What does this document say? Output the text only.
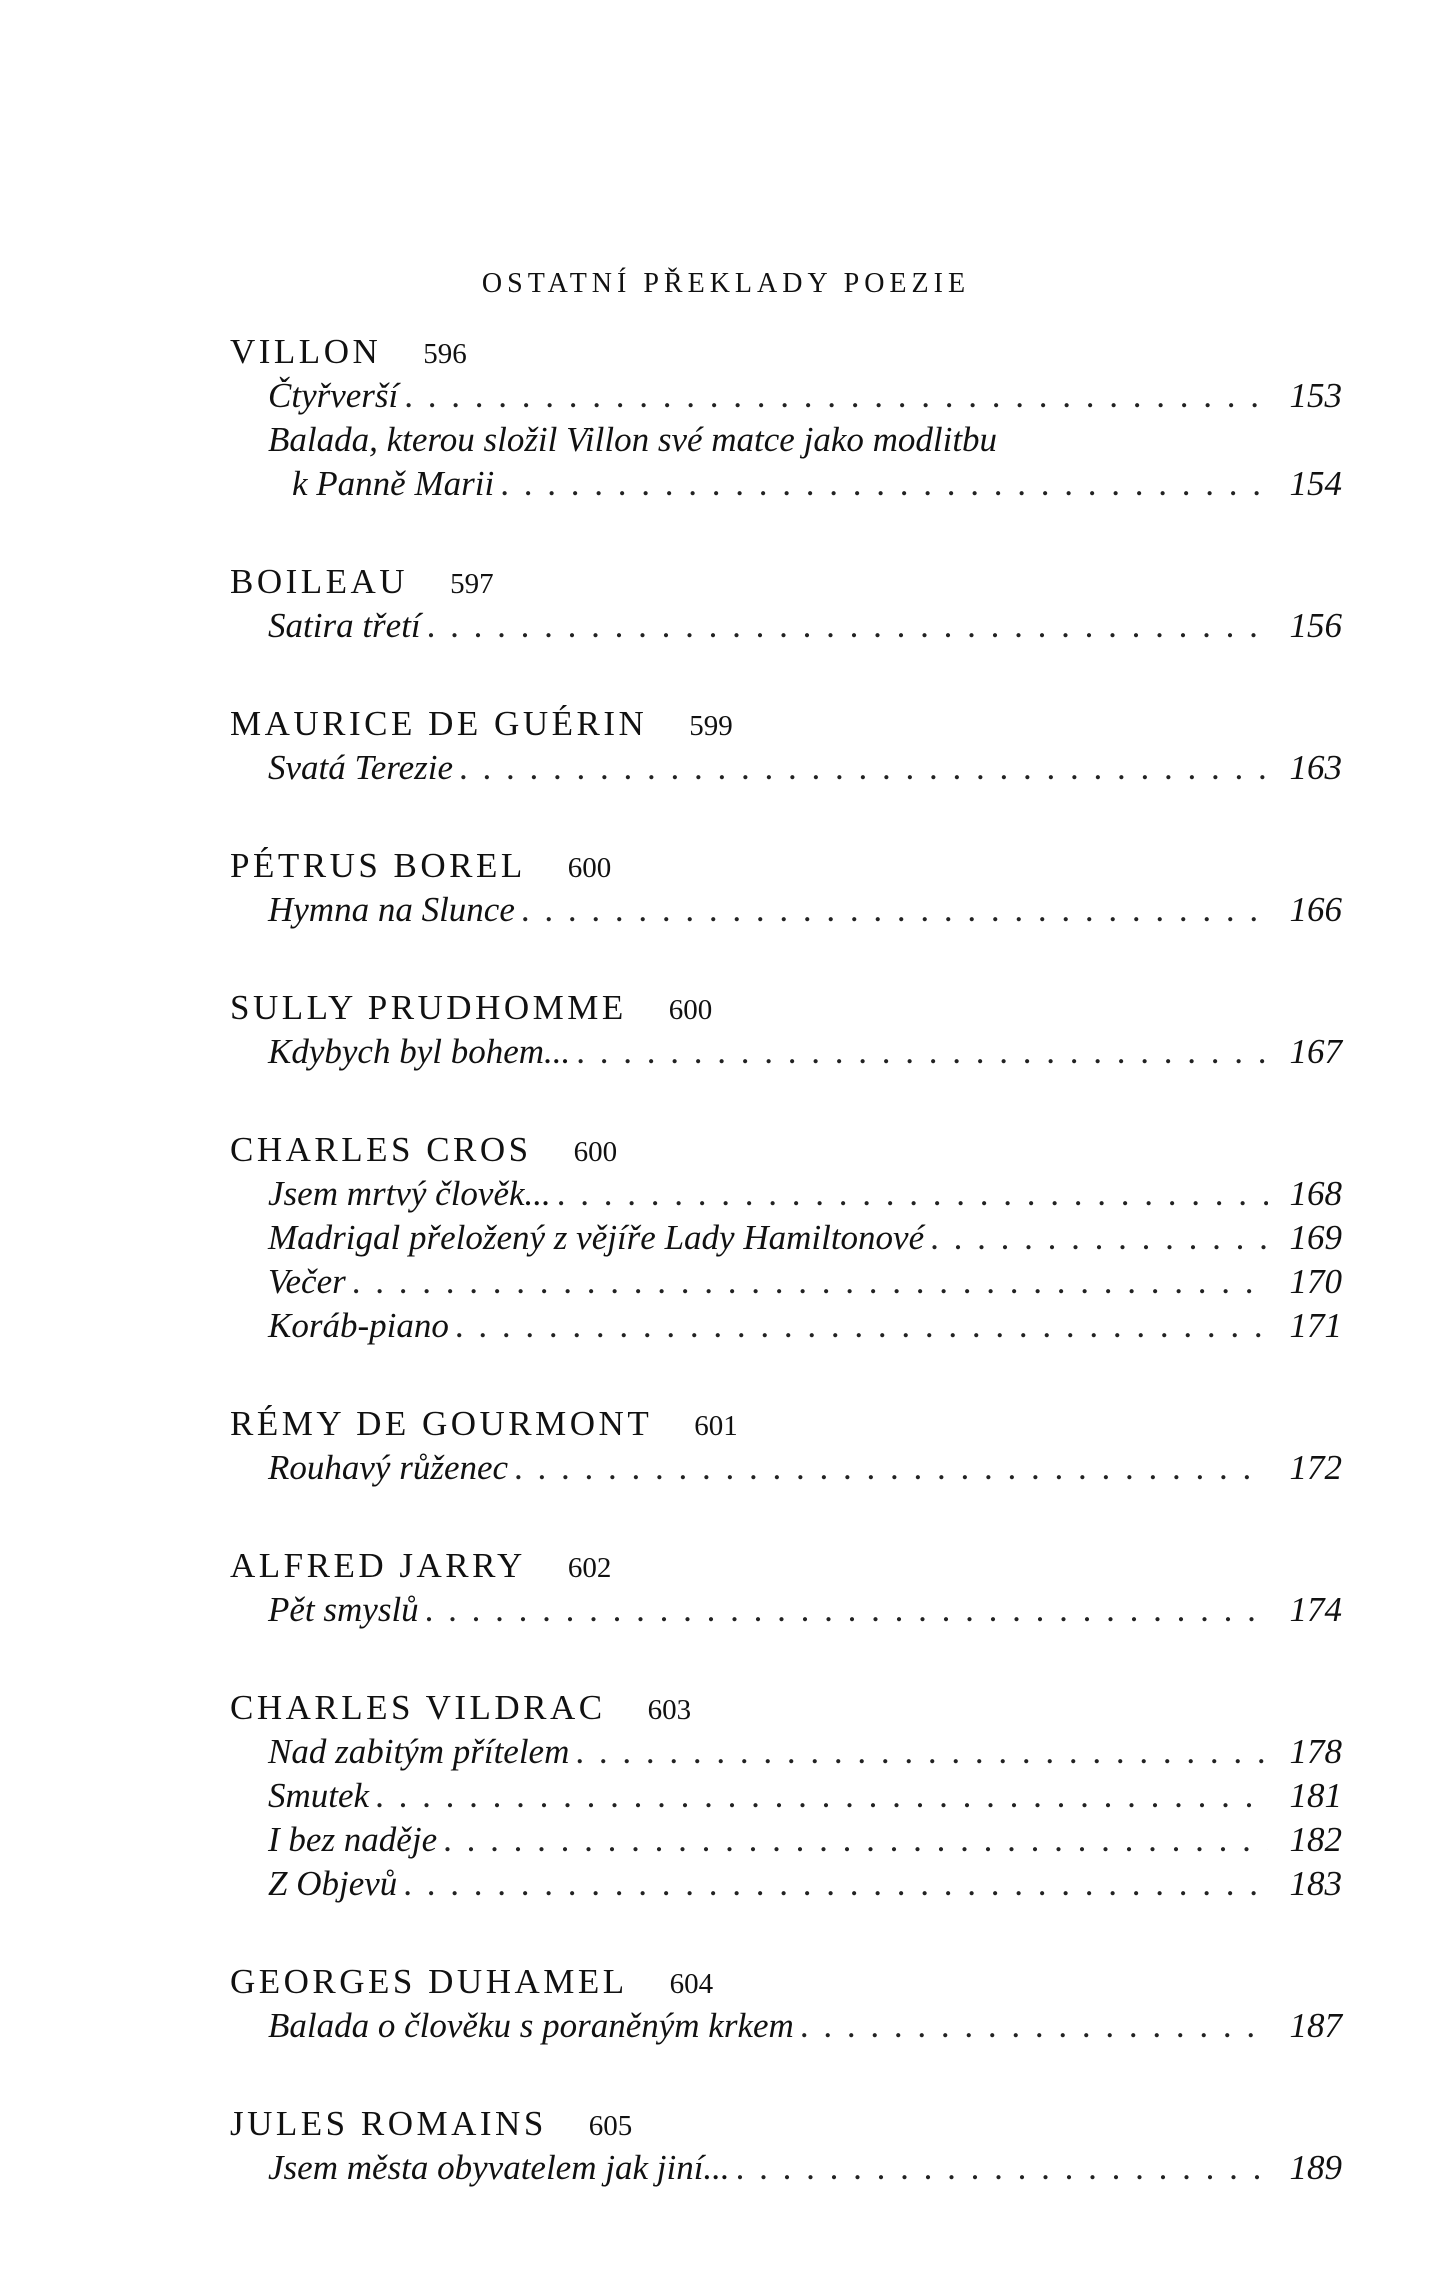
OSTATNÍ PŘEKLADY POEZIE
VILLON 596
Čtyřverší . . .	153
Balada, kterou složil Villon své matce jako modlitbu
k Panně Marii . . .	154
BOILEAU 597
Satira třetí . . .	156
MAURICE DE GUÉRIN 599
Svatá Terezie . . .	163
PÉTRUS BOREL 600
Hymna na Slunce . . .	166
SULLY PRUDHOMME 600
Kdybych byl bohem... . . .	167
CHARLES CROS 600
Jsem mrtvý člověk... . . .	168
Madrigal přeložený z vějíře Lady Hamiltonové . . .	169
Večer . . .	170
Koráb-piano . . .	171
RÉMY DE GOURMONT 601
Rouhavý růženec . . .	172
ALFRED JARRY 602
Pět smyslů . . .	174
CHARLES VILDRAC 603
Nad zabitým přítelem . . .	178
Smutek . . .	181
I bez naděje . . .	182
Z Objevů . . .	183
GEORGES DUHAMEL 604
Balada o člověku s poraněným krkem . . .	187
JULES ROMAINS 605
Jsem města obyvatelem jak jiní... . . .	189
